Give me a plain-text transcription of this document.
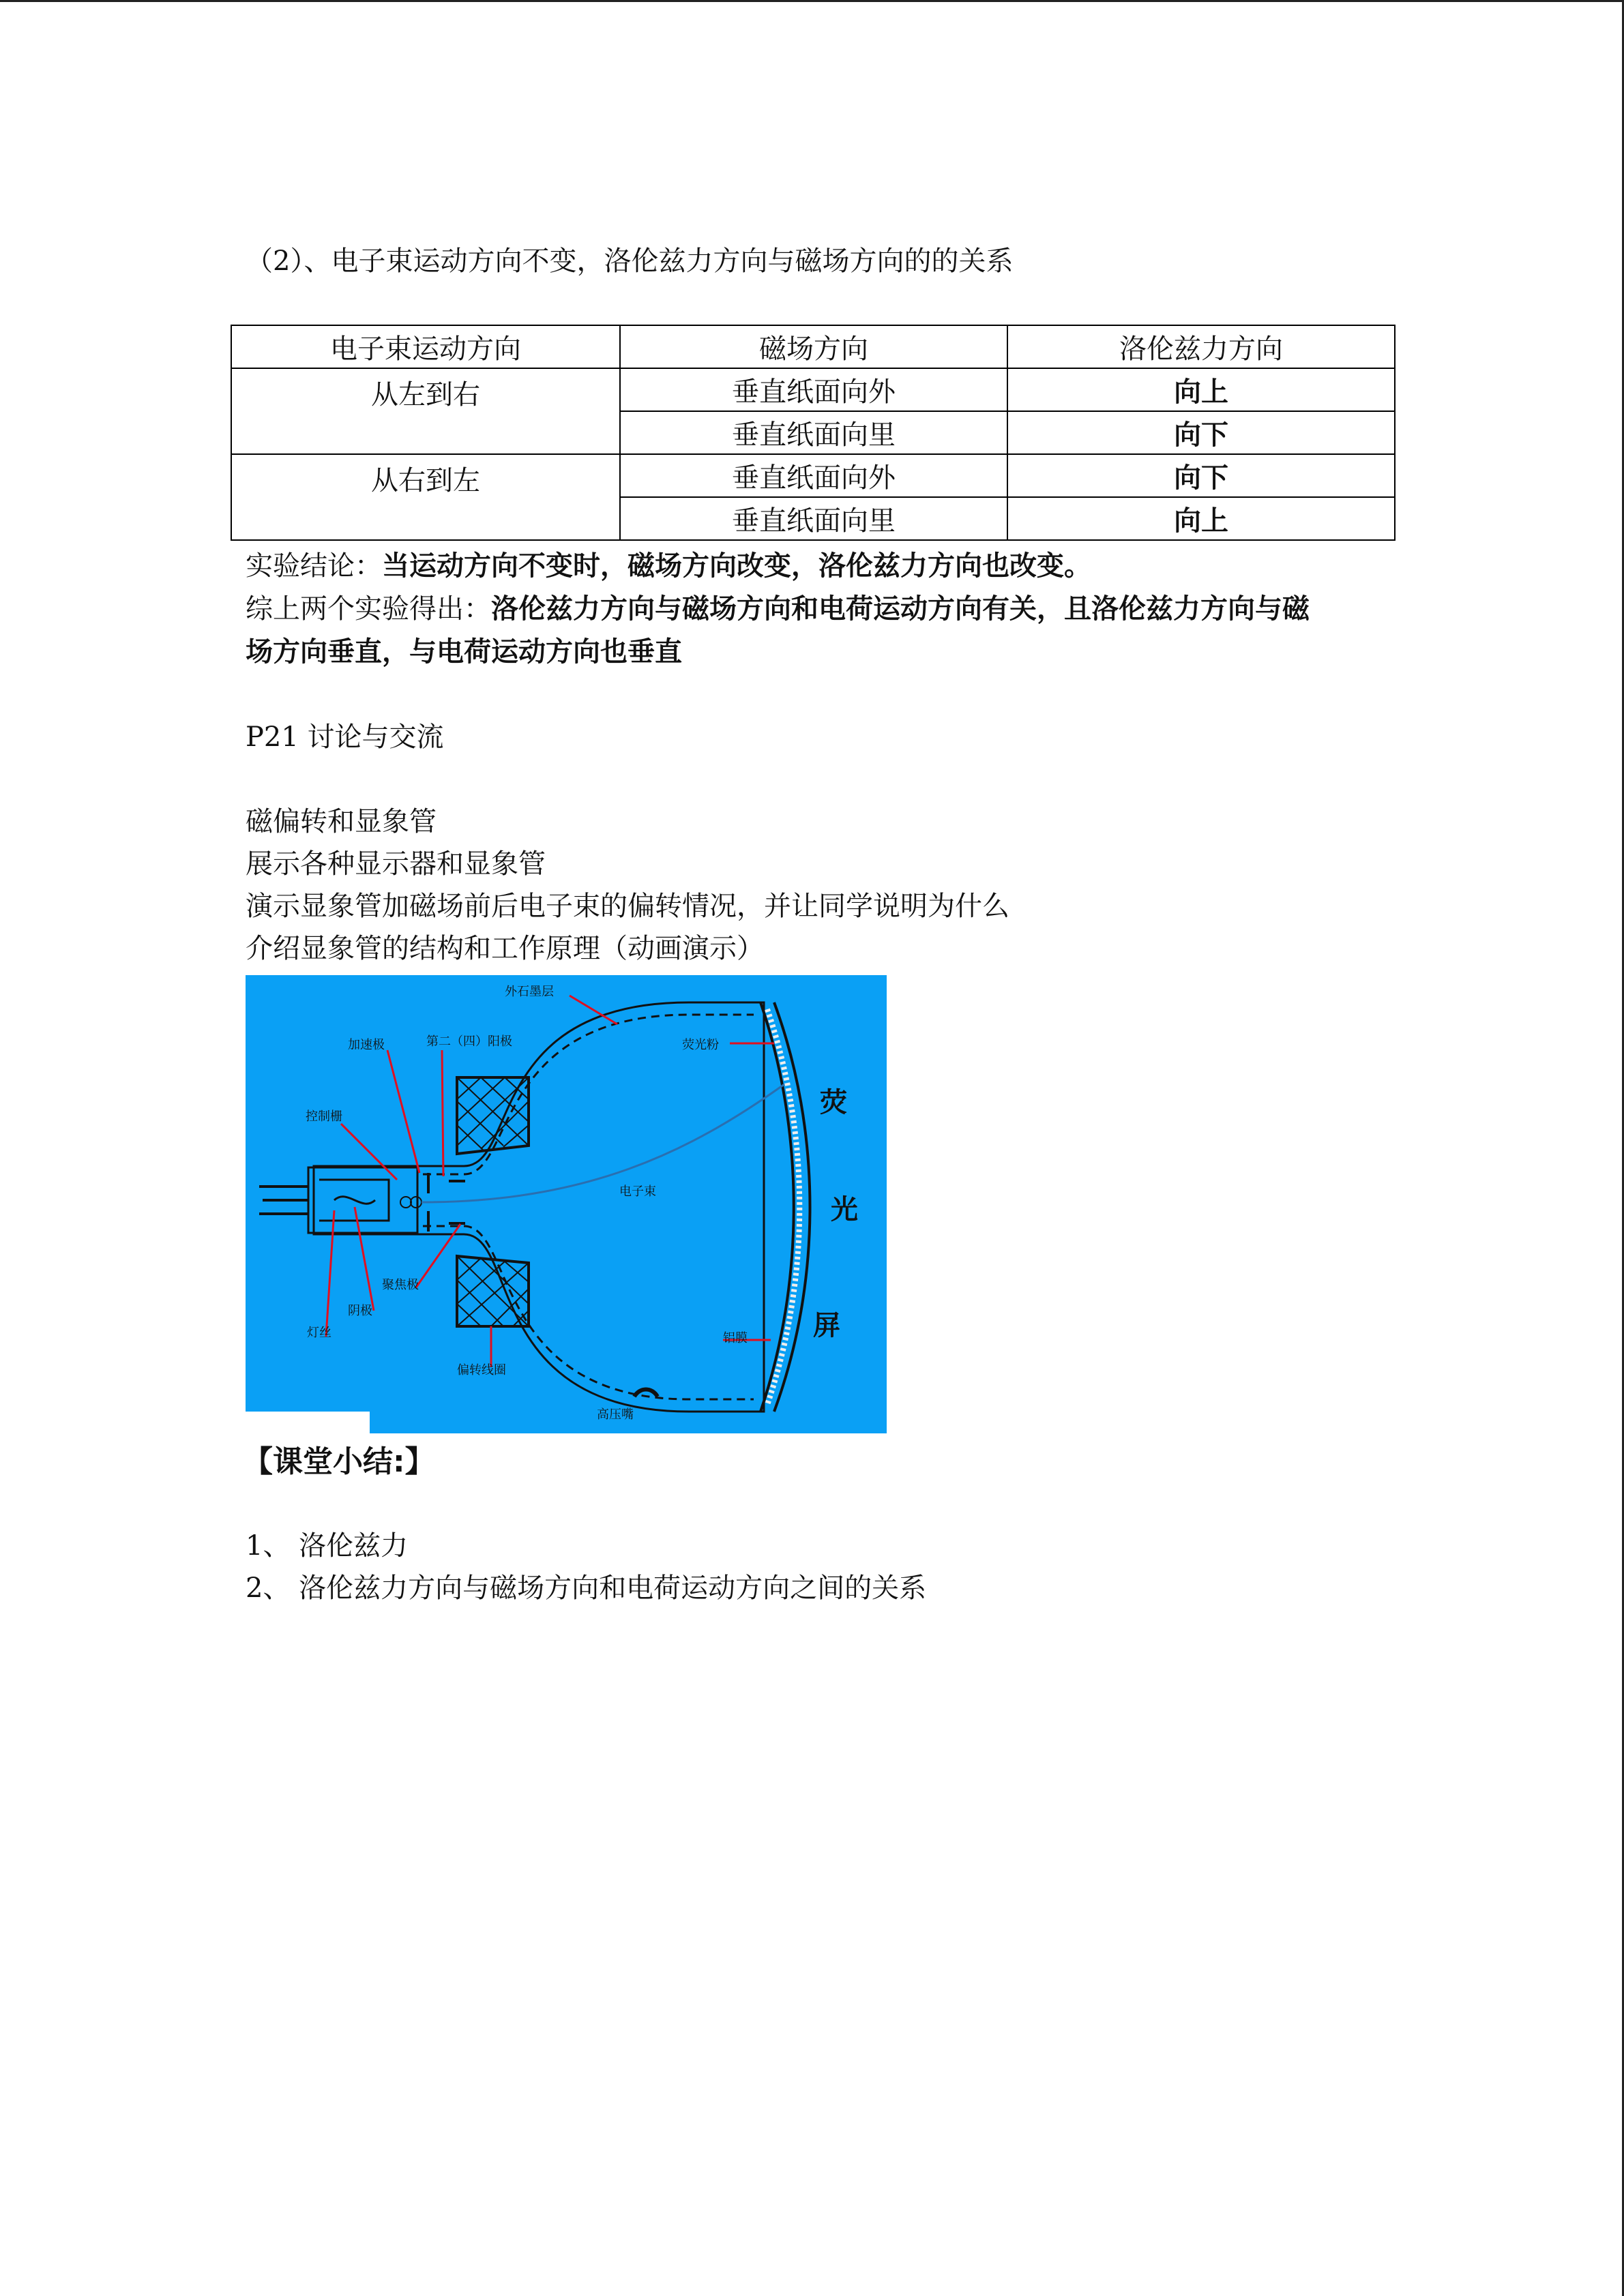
（2）、电子束运动方向不变，洛伦兹力方向与磁场方向的的关系
电子束运动方向	磁场方向	洛伦兹力方向
从左到右	垂直纸面向外	向上
	垂直纸面向里	向下
从右到左	垂直纸面向外	向下
	垂直纸面向里	向上
实验结论：当运动方向不变时，磁场方向改变，洛伦兹力方向也改变。
综上两个实验得出：洛伦兹力方向与磁场方向和电荷运动方向有关，且洛伦兹力方向与磁
场方向垂直，与电荷运动方向也垂直
P21 讨论与交流
磁偏转和显象管
展示各种显示器和显象管
演示显象管加磁场前后电子束的偏转情况，并让同学说明为什么
介绍显象管的结构和工作原理（动画演示）
外石墨层
荧光粉
加速极	第二（四）阳极
控制栅
电子束
聚焦极
阴极
灯丝
偏转线圈
铝膜
高压嘴
荧
光
屏
【课堂小结:】
1、 洛伦兹力
2、 洛伦兹力方向与磁场方向和电荷运动方向之间的关系
